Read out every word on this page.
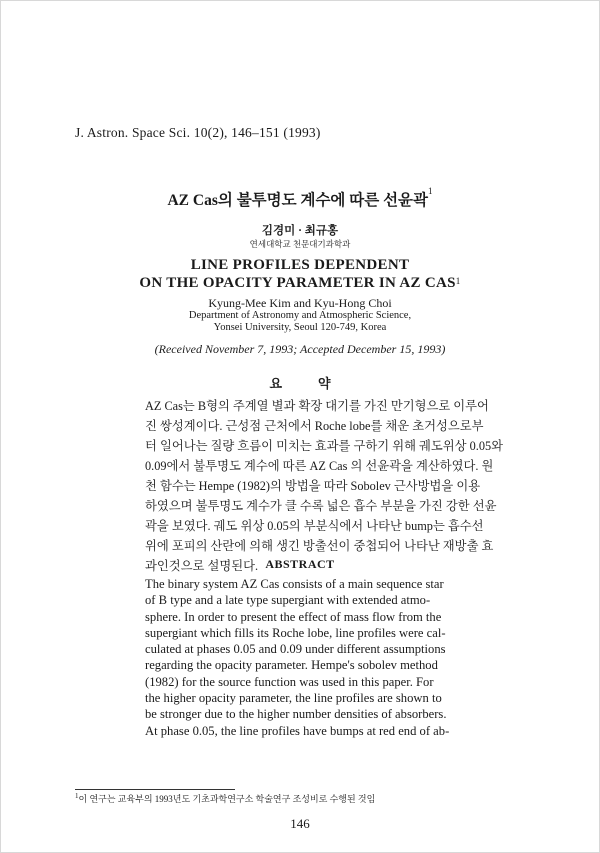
J. Astron. Space Sci. 10(2), 146–151 (1993)
AZ Cas의 불투명도 계수에 따른 선윤곽$^1$
김경미 · 최규홍
연세대학교 천문대기과학과
LINE PROFILES DEPENDENT
ON THE OPACITY PARAMETER IN AZ CAS$^1$
Kyung-Mee Kim and Kyu-Hong Choi
Department of Astronomy and Atmospheric Science,
Yonsei University, Seoul 120-749, Korea
(Received November 7, 1993; Accepted December 15, 1993)
요	약
AZ Cas는 B형의 주계열 별과 확장 대기를 가진 만기형으로 이루어
진 쌍성계이다. 근성점 근처에서 Roche lobe를 채운 초거성으로부
터 일어나는 질량 흐름이 미치는 효과를 구하기 위해 궤도위상 0.05와
0.09에서 불투명도 계수에 따른 AZ Cas 의 선윤곽을 계산하였다. 원
천 함수는 Hempe (1982)의 방법을 따라 Sobolev 근사방법을 이용
하였으며 불투명도 계수가 클 수록 넓은 흡수 부분을 가진 강한 선윤
곽을 보였다. 궤도 위상 0.05의 부분식에서 나타난 bump는 흡수선
위에 포피의 산란에 의해 생긴 방출선이 중첩되어 나타난 재방출 효
과인것으로 설명된다. ABSTRACT
The binary system AZ Cas consists of a main sequence star
of B type and a late type supergiant with extended atmo-
sphere. In order to present the effect of mass flow from the
supergiant which fills its Roche lobe, line profiles were cal-
culated at phases 0.05 and 0.09 under different assumptions
regarding the opacity parameter. Hempe's sobolev method
(1982) for the source function was used in this paper. For
the higher opacity parameter, the line profiles are shown to
be stronger due to the higher number densities of absorbers.
At phase 0.05, the line profiles have bumps at red end of ab-
$^1$이 연구는 교육부의 1993년도 기초과학연구소 학술연구 조성비로 수행된 것임
146
